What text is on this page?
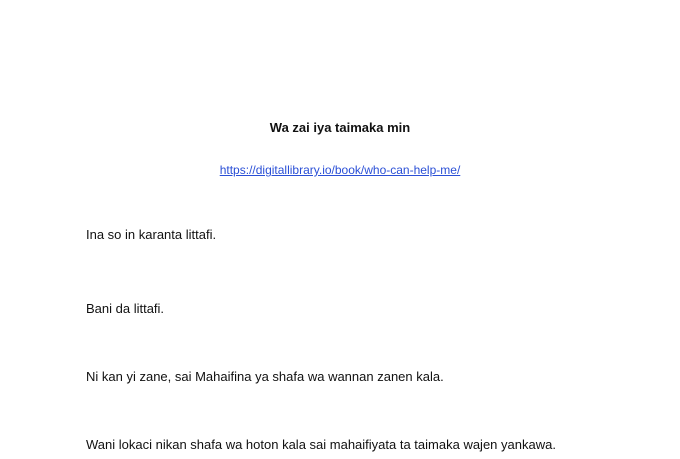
Wa zai iya taimaka min
https://digitallibrary.io/book/who-can-help-me/

Ina so in karanta littafi.

Bani da littafi.

Ni kan yi zane, sai Mahaifina ya shafa wa wannan zanen kala.

Wani lokaci nikan shafa wa hoton kala sai mahaifiyata ta taimaka wajen yankawa.
